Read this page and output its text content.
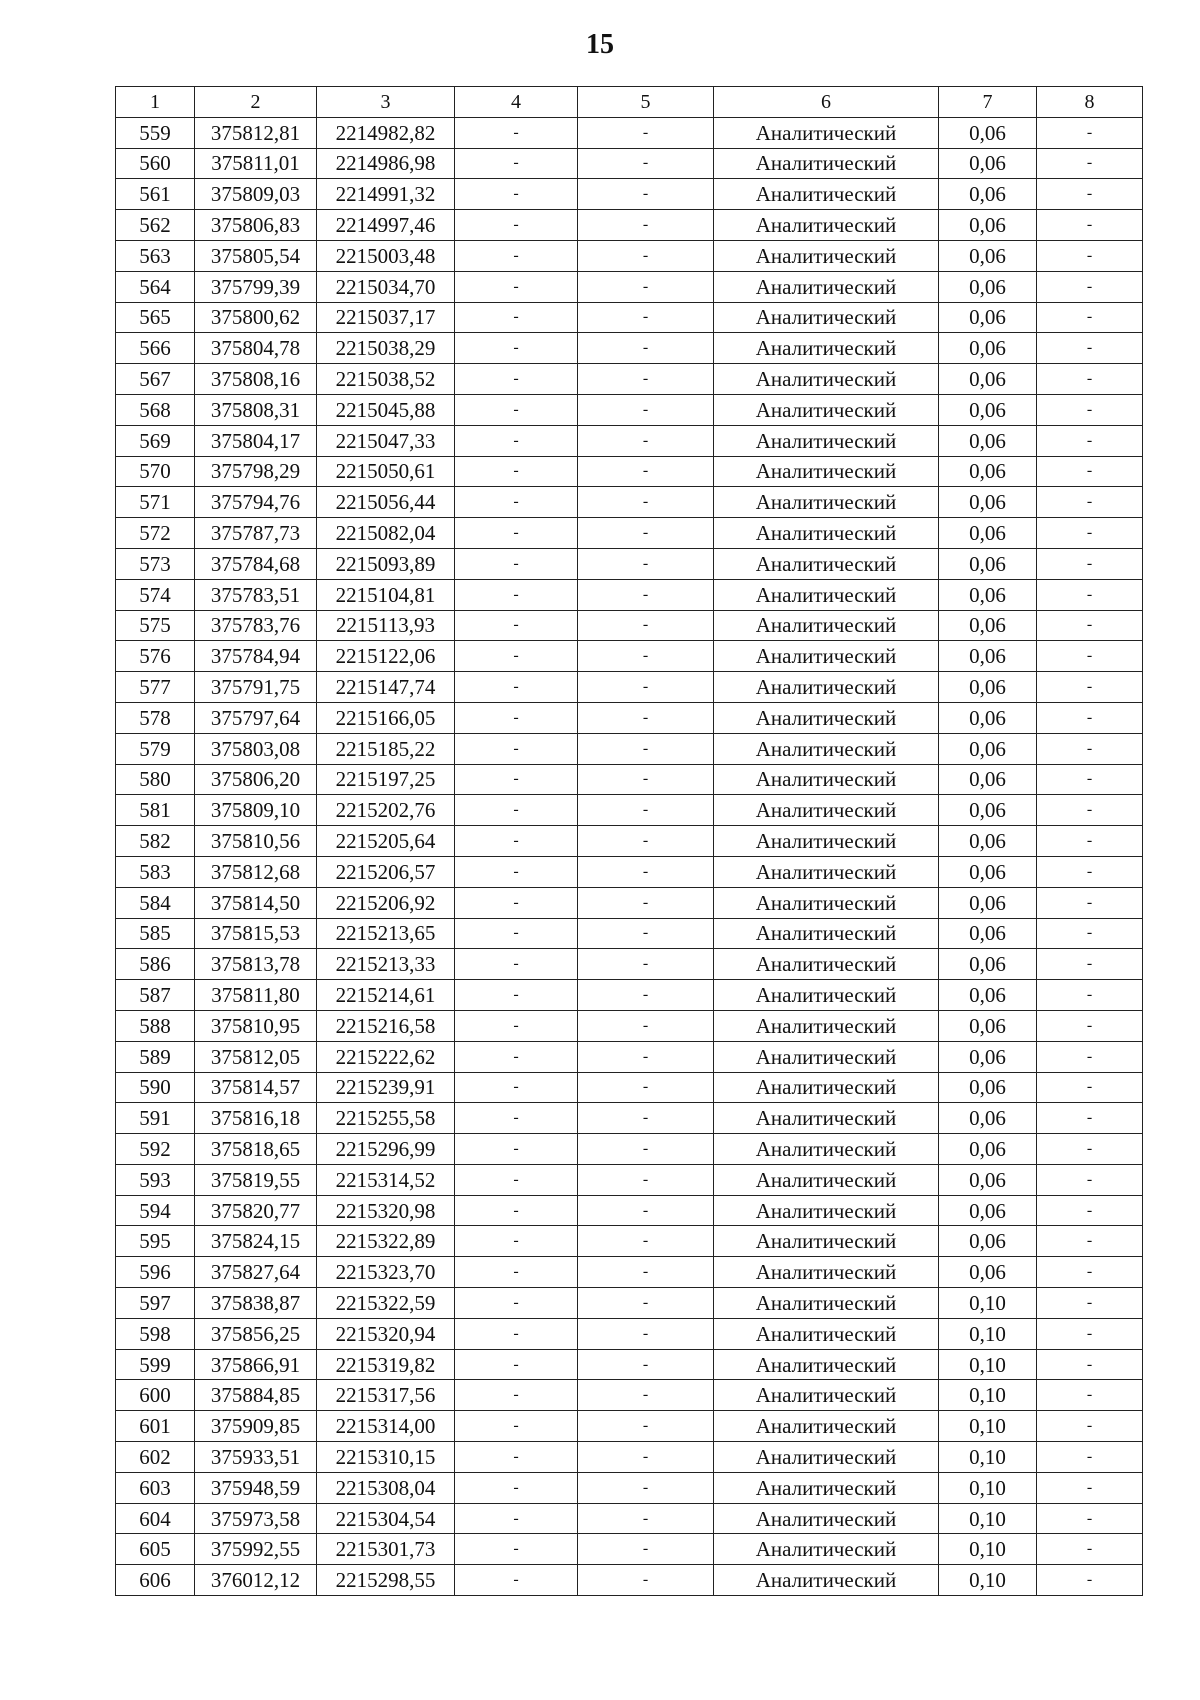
15
1	2	3	4	5	6	7	8
559	375812,81	2214982,82	-	-	Аналитический	0,06	-
560	375811,01	2214986,98	-	-	Аналитический	0,06	-
561	375809,03	2214991,32	-	-	Аналитический	0,06	-
562	375806,83	2214997,46	-	-	Аналитический	0,06	-
563	375805,54	2215003,48	-	-	Аналитический	0,06	-
564	375799,39	2215034,70	-	-	Аналитический	0,06	-
565	375800,62	2215037,17	-	-	Аналитический	0,06	-
566	375804,78	2215038,29	-	-	Аналитический	0,06	-
567	375808,16	2215038,52	-	-	Аналитический	0,06	-
568	375808,31	2215045,88	-	-	Аналитический	0,06	-
569	375804,17	2215047,33	-	-	Аналитический	0,06	-
570	375798,29	2215050,61	-	-	Аналитический	0,06	-
571	375794,76	2215056,44	-	-	Аналитический	0,06	-
572	375787,73	2215082,04	-	-	Аналитический	0,06	-
573	375784,68	2215093,89	-	-	Аналитический	0,06	-
574	375783,51	2215104,81	-	-	Аналитический	0,06	-
575	375783,76	2215113,93	-	-	Аналитический	0,06	-
576	375784,94	2215122,06	-	-	Аналитический	0,06	-
577	375791,75	2215147,74	-	-	Аналитический	0,06	-
578	375797,64	2215166,05	-	-	Аналитический	0,06	-
579	375803,08	2215185,22	-	-	Аналитический	0,06	-
580	375806,20	2215197,25	-	-	Аналитический	0,06	-
581	375809,10	2215202,76	-	-	Аналитический	0,06	-
582	375810,56	2215205,64	-	-	Аналитический	0,06	-
583	375812,68	2215206,57	-	-	Аналитический	0,06	-
584	375814,50	2215206,92	-	-	Аналитический	0,06	-
585	375815,53	2215213,65	-	-	Аналитический	0,06	-
586	375813,78	2215213,33	-	-	Аналитический	0,06	-
587	375811,80	2215214,61	-	-	Аналитический	0,06	-
588	375810,95	2215216,58	-	-	Аналитический	0,06	-
589	375812,05	2215222,62	-	-	Аналитический	0,06	-
590	375814,57	2215239,91	-	-	Аналитический	0,06	-
591	375816,18	2215255,58	-	-	Аналитический	0,06	-
592	375818,65	2215296,99	-	-	Аналитический	0,06	-
593	375819,55	2215314,52	-	-	Аналитический	0,06	-
594	375820,77	2215320,98	-	-	Аналитический	0,06	-
595	375824,15	2215322,89	-	-	Аналитический	0,06	-
596	375827,64	2215323,70	-	-	Аналитический	0,06	-
597	375838,87	2215322,59	-	-	Аналитический	0,10	-
598	375856,25	2215320,94	-	-	Аналитический	0,10	-
599	375866,91	2215319,82	-	-	Аналитический	0,10	-
600	375884,85	2215317,56	-	-	Аналитический	0,10	-
601	375909,85	2215314,00	-	-	Аналитический	0,10	-
602	375933,51	2215310,15	-	-	Аналитический	0,10	-
603	375948,59	2215308,04	-	-	Аналитический	0,10	-
604	375973,58	2215304,54	-	-	Аналитический	0,10	-
605	375992,55	2215301,73	-	-	Аналитический	0,10	-
606	376012,12	2215298,55	-	-	Аналитический	0,10	-
